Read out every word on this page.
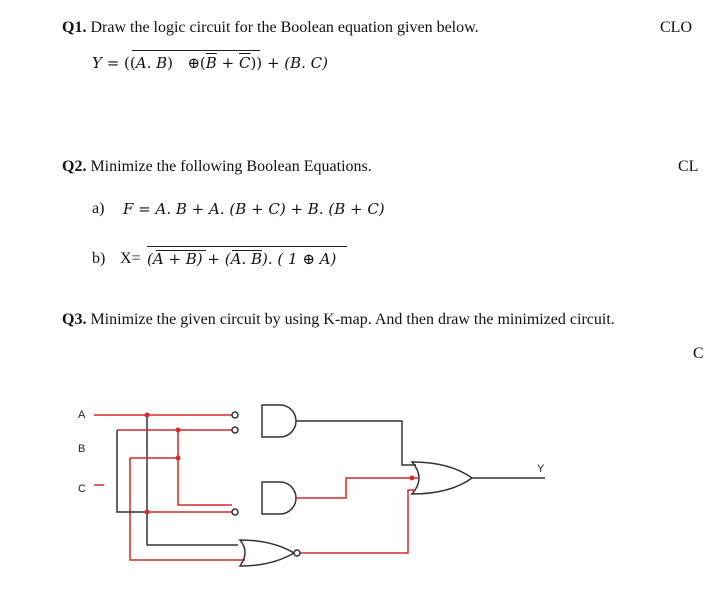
Q1. Draw the logic circuit for the Boolean equation given below.	CLO
Y = ((A. B) $\oplus(\overline{B} + \overline{C})) + (B$. C)
Q2. Minimize the following Boolean Equations.	CL
a) F = A. B + A. (B + C) + B. (B + C)
b) X= (A + B) + (A. B). ( 1 ⊕ A)
Q3. Minimize the given circuit by using K-map. And then draw the minimized circuit.
C
A
B
C
Y
